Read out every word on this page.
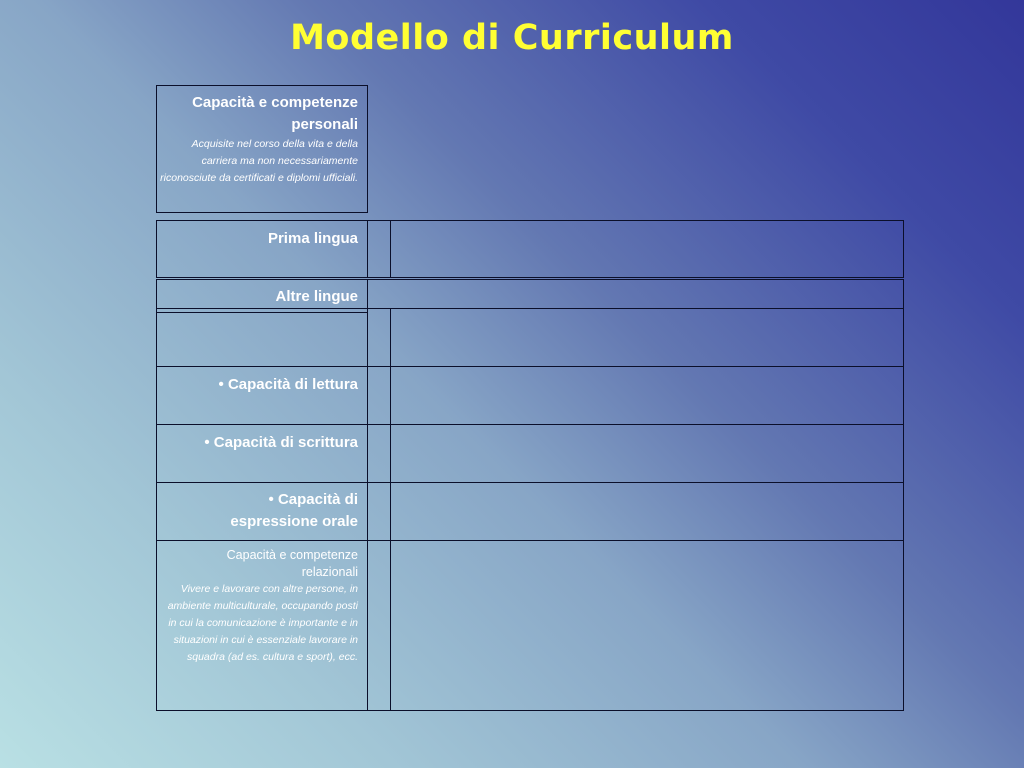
Modello di Curriculum
Capacità e competenze personali
Acquisite nel corso della vita e della carriera ma non necessariamente riconosciute da certificati e diplomi ufficiali.
Prima lingua
Altre lingue
• Capacità di lettura
• Capacità di scrittura
• Capacità di espressione orale
Capacità e competenze relazionali
Vivere e lavorare con altre persone, in ambiente multiculturale, occupando posti in cui la comunicazione è importante e in situazioni in cui è essenziale lavorare in squadra (ad es. cultura e sport), ecc.
